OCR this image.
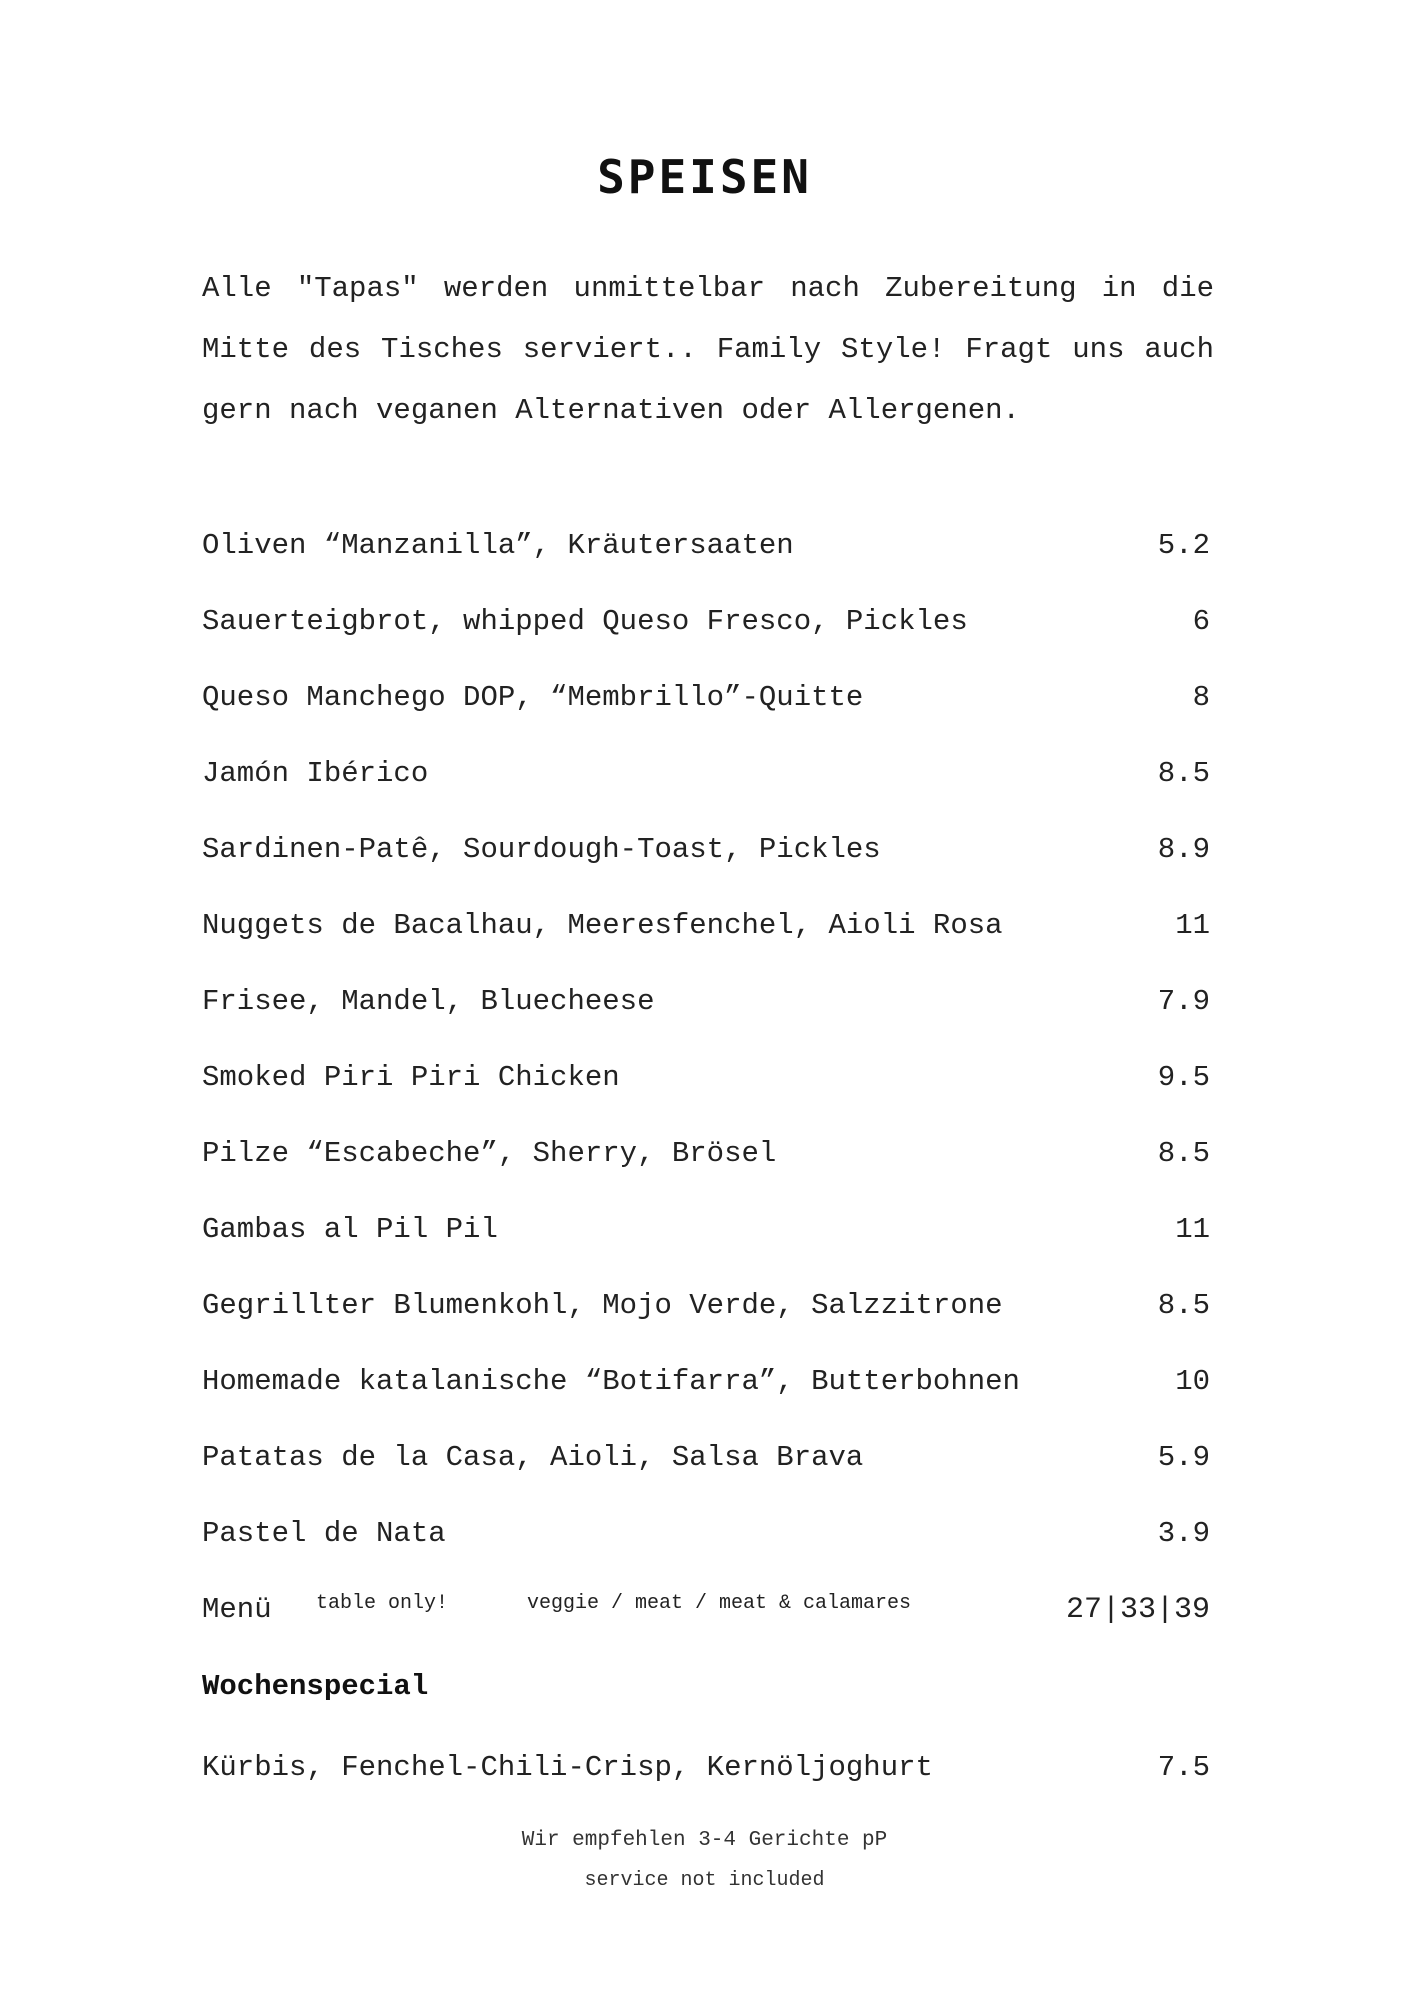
SPEISEN
Alle "Tapas" werden unmittelbar nach Zubereitung in die Mitte des Tisches serviert.. Family Style! Fragt uns auch gern nach veganen Alternativen oder Allergenen.
Oliven “Manzanilla”, Kräutersaaten	5.2
Sauerteigbrot, whipped Queso Fresco, Pickles	6
Queso Manchego DOP, “Membrillo”-Quitte	8
Jamón Ibérico	8.5
Sardinen-Patê, Sourdough-Toast, Pickles	8.9
Nuggets de Bacalhau, Meeresfenchel, Aioli Rosa	11
Frisee, Mandel, Bluecheese	7.9
Smoked Piri Piri Chicken	9.5
Pilze “Escabeche”, Sherry, Brösel	8.5
Gambas al Pil Pil	11
Gegrillter Blumenkohl, Mojo Verde, Salzzitrone	8.5
Homemade katalanische “Botifarra”, Butterbohnen	10
Patatas de la Casa, Aioli, Salsa Brava	5.9
Pastel de Nata	3.9
Menü table only!	veggie / meat / meat & calamares	27|33|39
Wochenspecial
Kürbis, Fenchel-Chili-Crisp, Kernöljoghurt	7.5
Wir empfehlen 3-4 Gerichte pP
service not included
